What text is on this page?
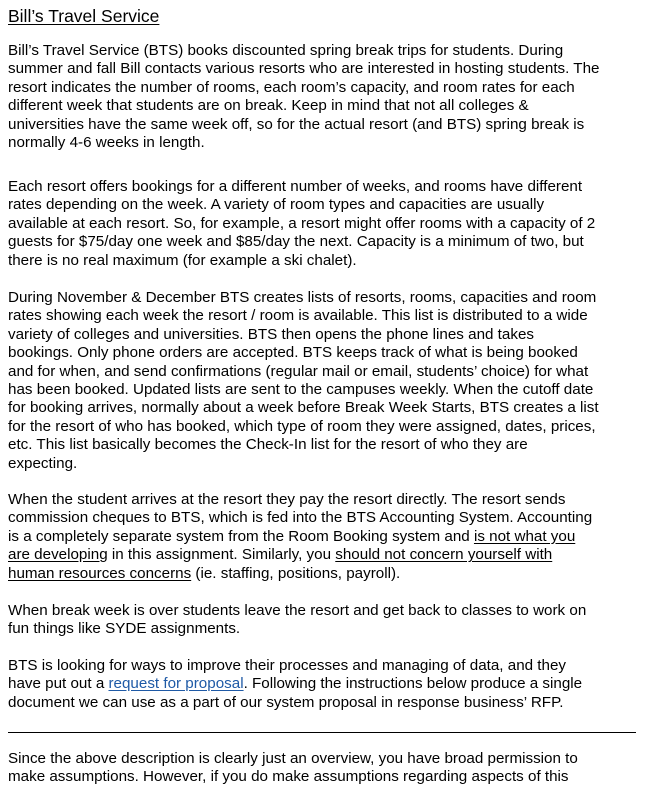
Bill’s Travel Service
Bill’s Travel Service (BTS) books discounted spring break trips for students. During
summer and fall Bill contacts various resorts who are interested in hosting students. The
resort indicates the number of rooms, each room’s capacity, and room rates for each
different week that students are on break. Keep in mind that not all colleges &
universities have the same week off, so for the actual resort (and BTS) spring break is
normally 4-6 weeks in length.
Each resort offers bookings for a different number of weeks, and rooms have different
rates depending on the week. A variety of room types and capacities are usually
available at each resort. So, for example, a resort might offer rooms with a capacity of 2
guests for $75/day one week and $85/day the next. Capacity is a minimum of two, but
there is no real maximum (for example a ski chalet).
During November & December BTS creates lists of resorts, rooms, capacities and room
rates showing each week the resort / room is available. This list is distributed to a wide
variety of colleges and universities. BTS then opens the phone lines and takes
bookings. Only phone orders are accepted. BTS keeps track of what is being booked
and for when, and send confirmations (regular mail or email, students’ choice) for what
has been booked. Updated lists are sent to the campuses weekly. When the cutoff date
for booking arrives, normally about a week before Break Week Starts, BTS creates a list
for the resort of who has booked, which type of room they were assigned, dates, prices,
etc. This list basically becomes the Check-In list for the resort of who they are
expecting.
When the student arrives at the resort they pay the resort directly. The resort sends
commission cheques to BTS, which is fed into the BTS Accounting System. Accounting
is a completely separate system from the Room Booking system and is not what you
are developing in this assignment. Similarly, you should not concern yourself with
human resources concerns (ie. staffing, positions, payroll).
When break week is over students leave the resort and get back to classes to work on
fun things like SYDE assignments.
BTS is looking for ways to improve their processes and managing of data, and they
have put out a request for proposal. Following the instructions below produce a single
document we can use as a part of our system proposal in response business’ RFP.
Since the above description is clearly just an overview, you have broad permission to
make assumptions. However, if you do make assumptions regarding aspects of this
